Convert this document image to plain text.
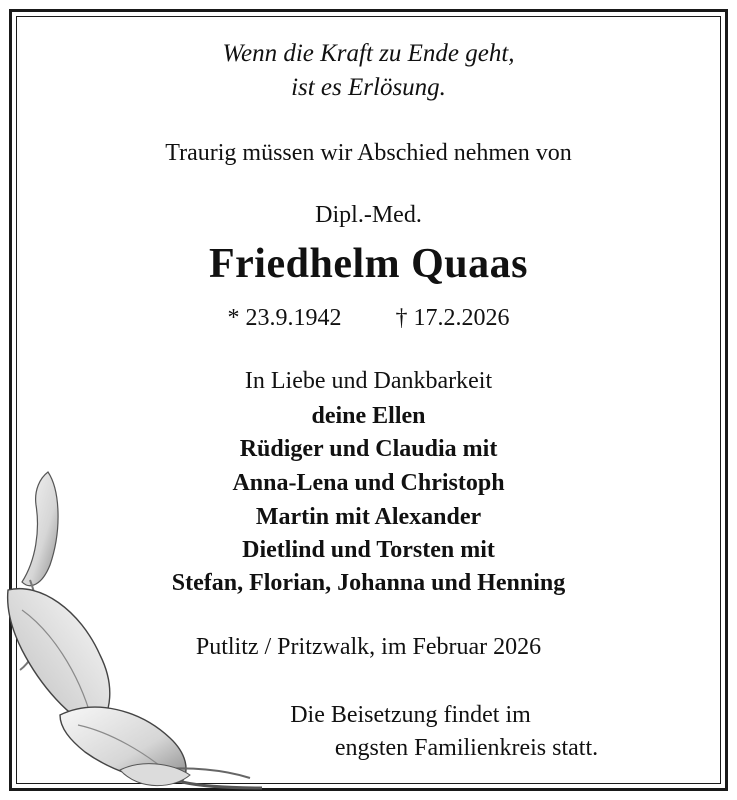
Wenn die Kraft zu Ende geht,
ist es Erlösung.
Traurig müssen wir Abschied nehmen von
Dipl.-Med.
Friedhelm Quaas
* 23.9.1942 † 17.2.2026
In Liebe und Dankbarkeit
deine Ellen
Rüdiger und Claudia mit
Anna-Lena und Christoph
Martin mit Alexander
Dietlind und Torsten mit
Stefan, Florian, Johanna und Henning
Putlitz / Pritzwalk, im Februar 2026
Die Beisetzung findet im
engsten Familienkreis statt.
